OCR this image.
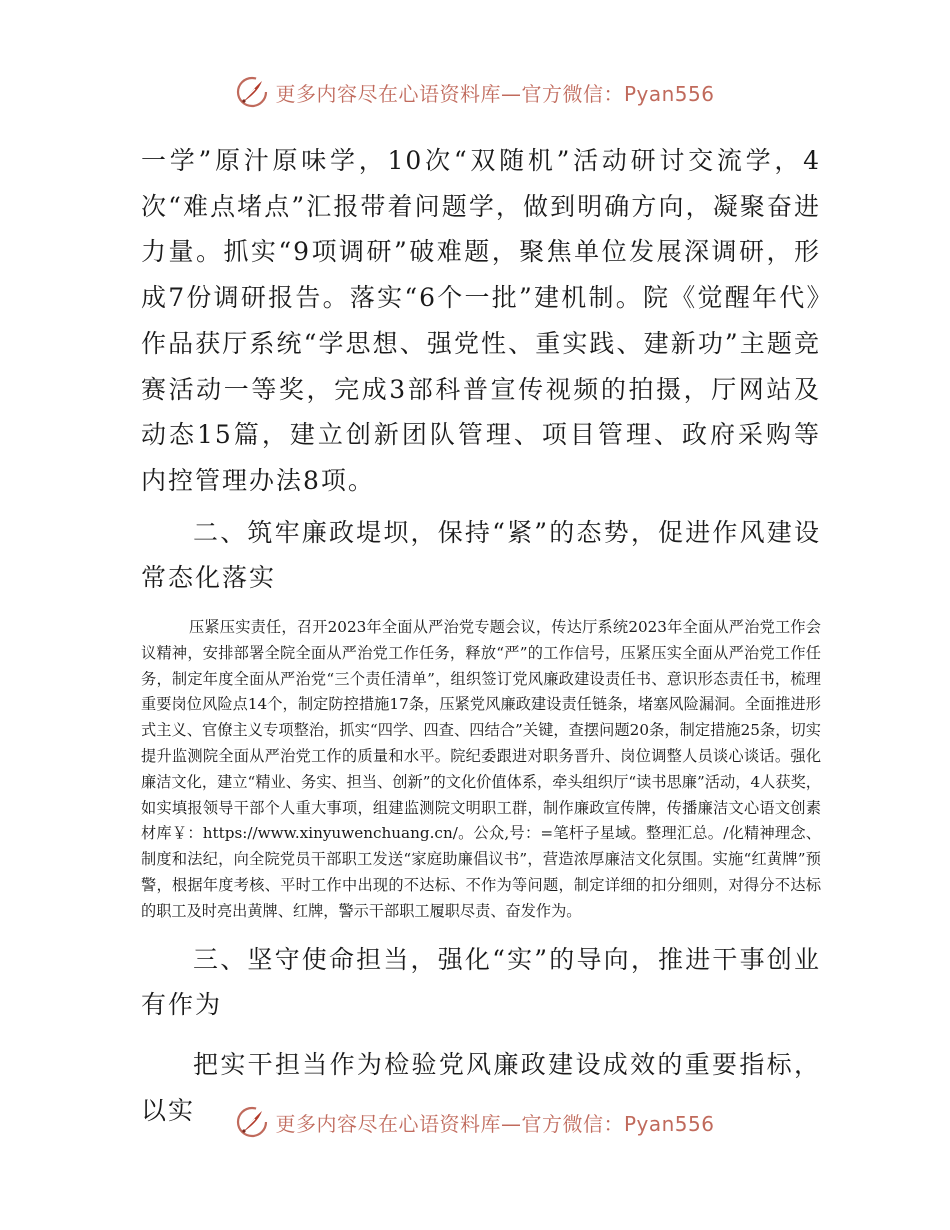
更多内容尽在心语资料库—官方微信：Pyan556

一学”原汁原味学，10次“双随机”活动研讨交流学，4次“难点堵点”汇报带着问题学，做到明确方向，凝聚奋进力量。抓实“9项调研”破难题，聚焦单位发展深调研，形成7份调研报告。落实“6个一批”建机制。院《觉醒年代》作品获厅系统“学思想、强党性、重实践、建新功”主题竞赛活动一等奖，完成3部科普宣传视频的拍摄，厅网站及动态15篇，建立创新团队管理、项目管理、政府采购等内控管理办法8项。

二、筑牢廉政堤坝，保持“紧”的态势，促进作风建设常态化落实

压紧压实责任，召开2023年全面从严治党专题会议，传达厅系统2023年全面从严治党工作会议精神，安排部署全院全面从严治党工作任务，释放“严”的工作信号，压紧压实全面从严治党工作任务，制定年度全面从严治党“三个责任清单”，组织签订党风廉政建设责任书、意识形态责任书，梳理重要岗位风险点14个，制定防控措施17条，压紧党风廉政建设责任链条，堵塞风险漏洞。全面推进形式主义、官僚主义专项整治，抓实“四学、四查、四结合”关键，查摆问题20条，制定措施25条，切实提升监测院全面从严治党工作的质量和水平。院纪委跟进对职务晋升、岗位调整人员谈心谈话。强化廉洁文化，建立“精业、务实、担当、创新”的文化价值体系，牵头组织厅“读书思廉”活动，4人获奖，如实填报领导干部个人重大事项，组建监测院文明职工群，制作廉政宣传牌，传播廉洁文心语文创素材库￥：https://www.xinyuwenchuang.cn/。公众,号：=笔杆子星域。整理汇总。/化精神理念、制度和法纪，向全院党员干部职工发送“家庭助廉倡议书”，营造浓厚廉洁文化氛围。实施“红黄牌”预警，根据年度考核、平时工作中出现的不达标、不作为等问题，制定详细的扣分细则，对得分不达标的职工及时亮出黄牌、红牌，警示干部职工履职尽责、奋发作为。

三、坚守使命担当，强化“实”的导向，推进干事创业有作为

把实干担当作为检验党风廉政建设成效的重要指标，以实	更多内容尽在心语资料库—官方微信：Pyan556
